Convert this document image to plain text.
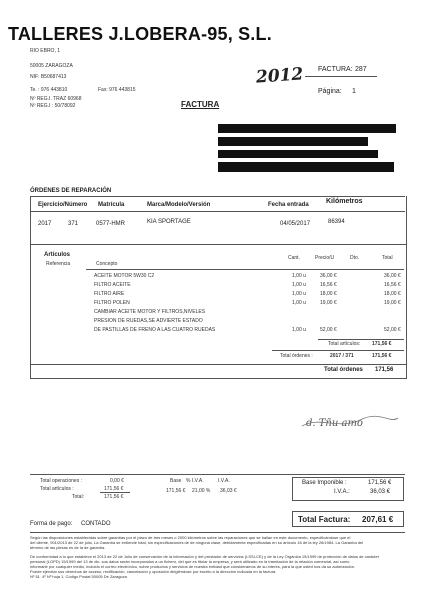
TALLERES J.LOBERA-95, S.L.
RIO EBRO, 1
50005 ZARAGOZA
NIF: B50687413
Te. : 976 443810	Fax: 976 443815
Nº REG.I. TRAZ 60968
Nº REG.I : 50/78092
2012 FACTURA: 287
Página: 1
FACTURA
ÓRDENES DE REPARACIÓN
Ejercicio/Número Matrícula	Marca/Modelo/Versión	Fecha entrada Kilómetros
2017	371	0577-HMR	KIA SPORTAGE	04/05/2017	86394
Artículos
Referencia	Concepto
Cant.	Precio/U	Dto.	Total
ACEITE MOTOR 5W30 C2	1,00 u	36,00 €	36,00 €
FILTRO ACEITE	1,00 u	16,56 €	16,56 €
FILTRO AIRE	1,00 u	18,00 €	18,00 €
FILTRO POLEN	1,00 u	19,00 €	19,00 €
CAMBIAR ACEITE MOTOR Y FILTROS,NIVELES
PRESION DE RUEDAS,SE ADVIERTE ESTADO
DE PASTILLAS DE FRENO A LAS CUATRO RUEDAS	1,00 u	52,00 €	52,00 €
Total artículos: 171,56 €
Total órdenes :	2017 / 371	171,56 €
Total órdenes 171,56
d. Tñu amo
Total operaciones :	0,00 €
Total artículos :	171,56 €
Total:	171,56 €
Base % I.V.A.	I.V.A.
171,56 € 21,00 % 36,03 €
Base Imponible :	171,56 €
I.V.A.:	36,03 €
Total Factura: 207,61 €
Forma de pago: CONTADO
Según las disposiciones establecidas sobre garantías por el plazo de tres meses o 2000 kilómetros sobre las reparaciones que se hallan en este documento, especificándose que el
del cliente, 901/2013 de 22 de julio, La Garantía se entiende total, sin especificaciones de de ninguna clase, debidamente especificadas en su artículo 16 de la ley 26/1984. La Garantía del
término de las piezas es de la de garantía.
De conformidad a lo que establece el 2013 de 22 de Julio de conservación de la información y del prestador de servicios (LSSI-CE) y de la Ley Orgánica 15/1999 de protección de datos de carácter
personal (LOPD) 15/1999 del 13 de dic. sus datos serán incorporados a un fichero, del que es titular la empresa, y será utilizado en la tramitación de la relación comercial, así como
informarle por cualquier medio, incluido el correo electrónico, sobre productos y servicios de nuestra entidad que consideramos de su interés, para la que usted nos da su autorización.
Puede ejercitar sus derechos de acceso, rectificación, cancelación y oposición dirigiéndose por escrito a la dirección indicada en la factura.
Nº 51. 4º Nº hoja 1. Código Postal 50005 De Zaragoza
